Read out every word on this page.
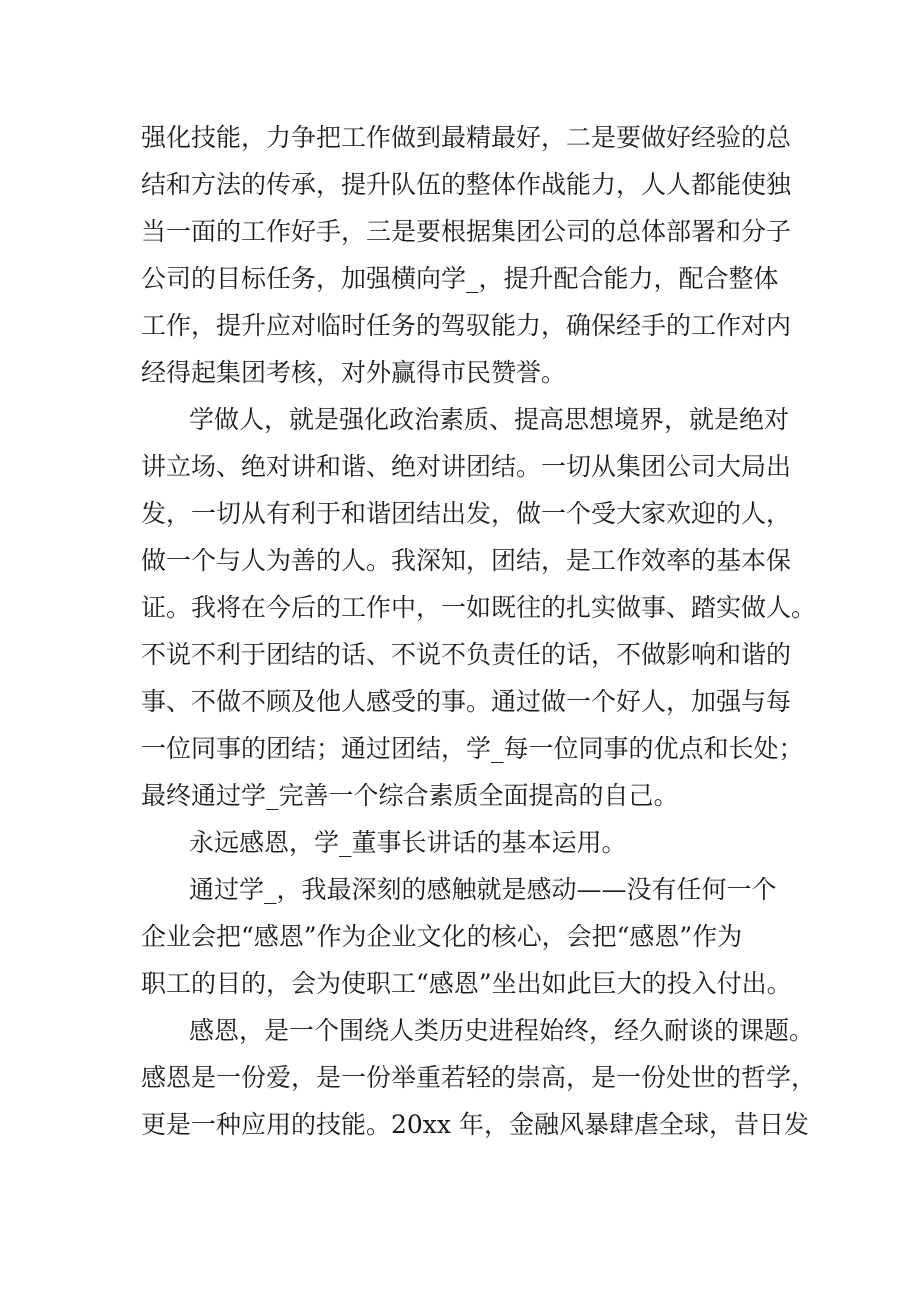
强化技能，力争把工作做到最精最好，二是要做好经验的总
结和方法的传承，提升队伍的整体作战能力，人人都能使独
当一面的工作好手，三是要根据集团公司的总体部署和分子
公司的目标任务，加强横向学_，提升配合能力，配合整体
工作，提升应对临时任务的驾驭能力，确保经手的工作对内
经得起集团考核，对外赢得市民赞誉。
学做人，就是强化政治素质、提高思想境界，就是绝对
讲立场、绝对讲和谐、绝对讲团结。一切从集团公司大局出
发，一切从有利于和谐团结出发，做一个受大家欢迎的人，
做一个与人为善的人。我深知，团结，是工作效率的基本保
证。我将在今后的工作中，一如既往的扎实做事、踏实做人。
不说不利于团结的话、不说不负责任的话，不做影响和谐的
事、不做不顾及他人感受的事。通过做一个好人，加强与每
一位同事的团结；通过团结，学_每一位同事的优点和长处；
最终通过学_完善一个综合素质全面提高的自己。
永远感恩，学_董事长讲话的基本运用。
通过学_，我最深刻的感触就是感动——没有任何一个
企业会把“感恩”作为企业文化的核心，会把“感恩”作为
职工的目的，会为使职工“感恩”坐出如此巨大的投入付出。
感恩，是一个围绕人类历史进程始终，经久耐谈的课题。
感恩是一份爱，是一份举重若轻的崇高，是一份处世的哲学，
更是一种应用的技能。20xx 年，金融风暴肆虐全球，昔日发
